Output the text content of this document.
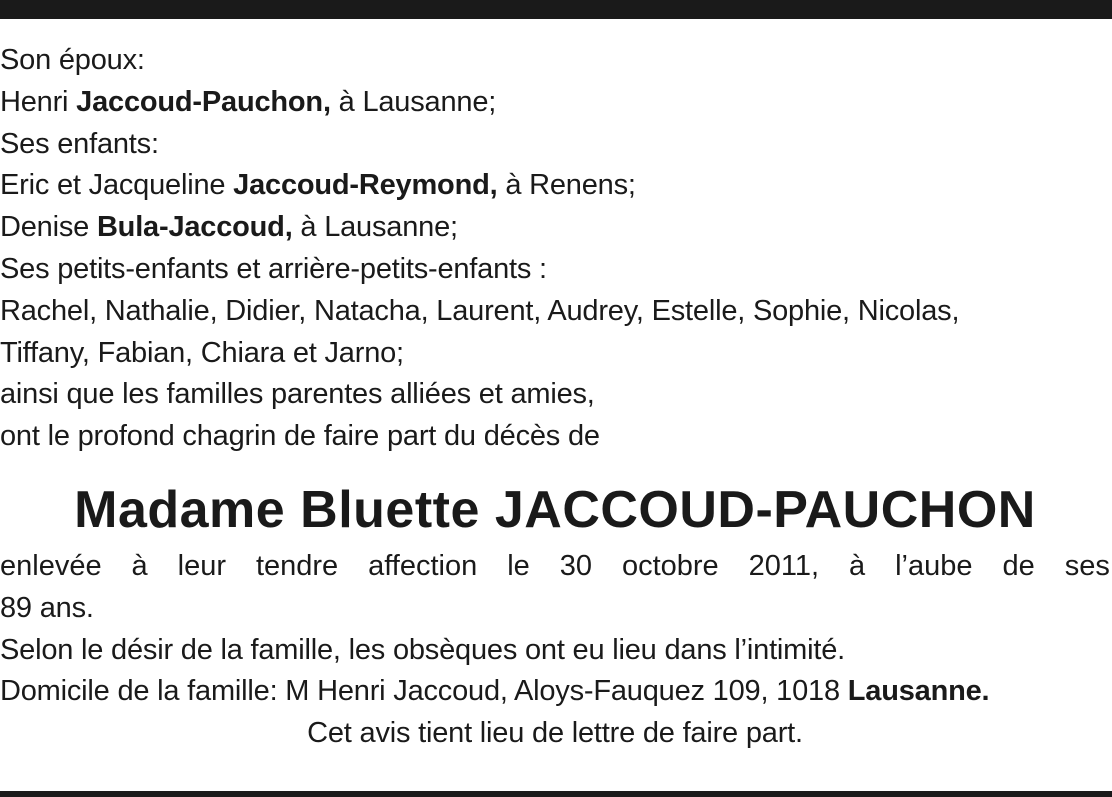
Son époux:
Henri Jaccoud-Pauchon, à Lausanne;
Ses enfants:
Eric et Jacqueline Jaccoud-Reymond, à Renens;
Denise Bula-Jaccoud, à Lausanne;
Ses petits-enfants et arrière-petits-enfants :
Rachel, Nathalie, Didier, Natacha, Laurent, Audrey, Estelle, Sophie, Nicolas,
Tiffany, Fabian, Chiara et Jarno;
ainsi que les familles parentes alliées et amies,
ont le profond chagrin de faire part du décès de
Madame Bluette JACCOUD-PAUCHON
enlevée à leur tendre affection le 30 octobre 2011, à l’aube de ses
89 ans.
Selon le désir de la famille, les obsèques ont eu lieu dans l’intimité.
Domicile de la famille: M Henri Jaccoud, Aloys-Fauquez 109, 1018 Lausanne.
Cet avis tient lieu de lettre de faire part.
